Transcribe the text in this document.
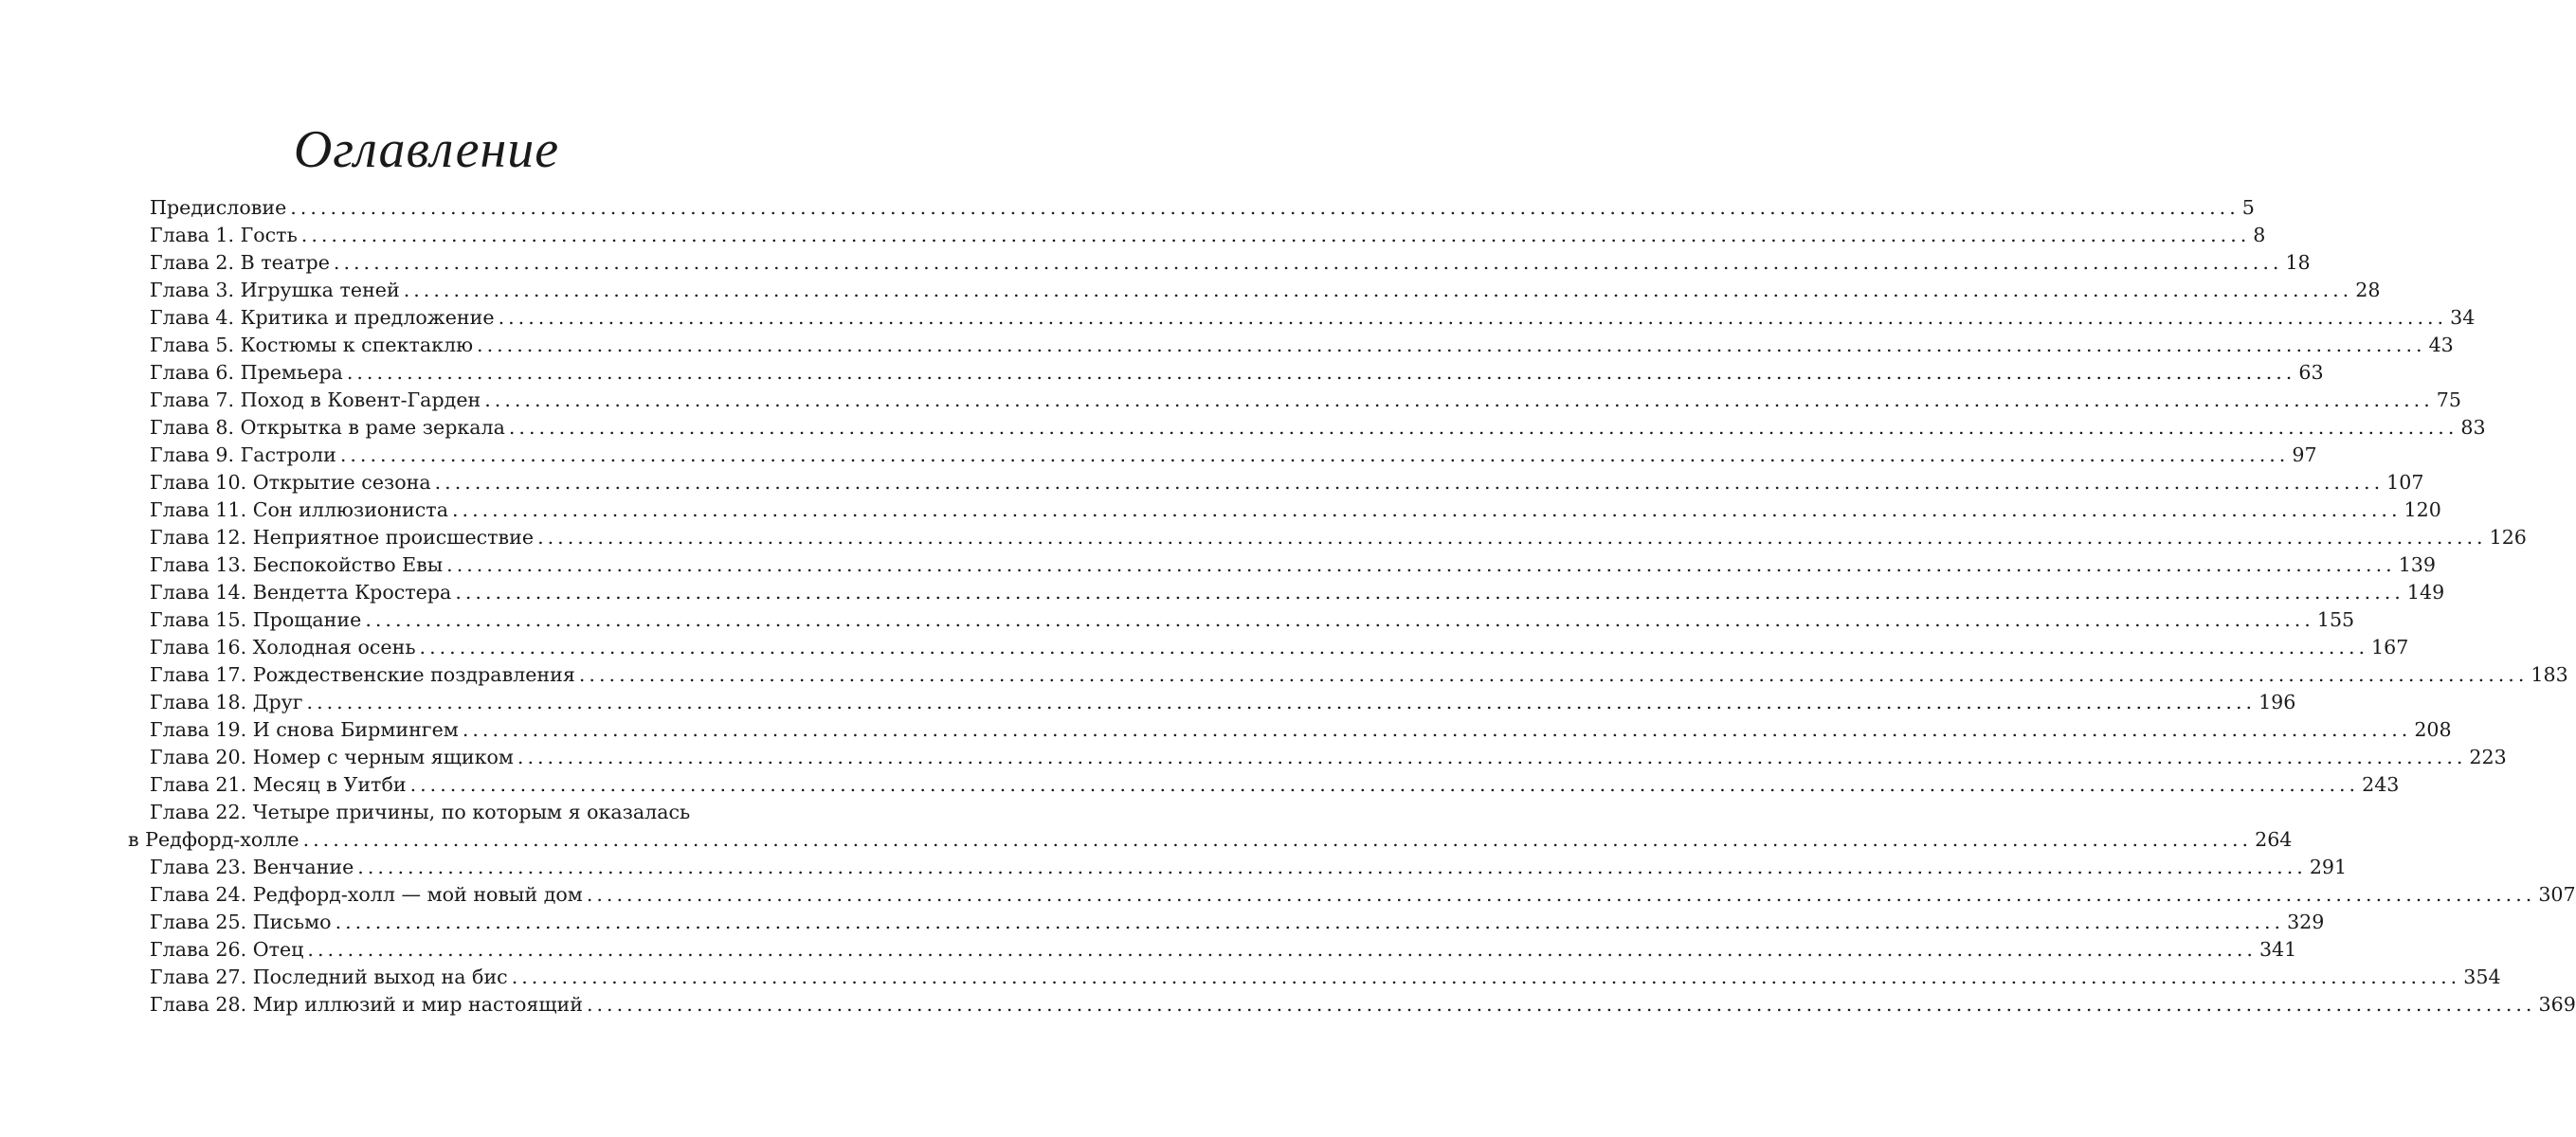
Оглавление
Предисловие ................................................................................................................................................................................................... 5
Глава 1. Гость ................................................................................................................................................................................................... 8
Глава 2. В театре ................................................................................................................................................................................................... 18
Глава 3. Игрушка теней ................................................................................................................................................................................................... 28
Глава 4. Критика и предложение ................................................................................................................................................................................................... 34
Глава 5. Костюмы к спектаклю ................................................................................................................................................................................................... 43
Глава 6. Премьера ................................................................................................................................................................................................... 63
Глава 7. Поход в Ковент-Гарден ................................................................................................................................................................................................... 75
Глава 8. Открытка в раме зеркала ................................................................................................................................................................................................... 83
Глава 9. Гастроли ................................................................................................................................................................................................... 97
Глава 10. Открытие сезона ................................................................................................................................................................................................... 107
Глава 11. Сон иллюзиониста ................................................................................................................................................................................................... 120
Глава 12. Неприятное происшествие ................................................................................................................................................................................................... 126
Глава 13. Беспокойство Евы ................................................................................................................................................................................................... 139
Глава 14. Вендетта Кростера ................................................................................................................................................................................................... 149
Глава 15. Прощание ................................................................................................................................................................................................... 155
Глава 16. Холодная осень ................................................................................................................................................................................................... 167
Глава 17. Рождественские поздравления ................................................................................................................................................................................................... 183
Глава 18. Друг ................................................................................................................................................................................................... 196
Глава 19. И снова Бирмингем ................................................................................................................................................................................................... 208
Глава 20. Номер с черным ящиком ................................................................................................................................................................................................... 223
Глава 21. Месяц в Уитби ................................................................................................................................................................................................... 243
Глава 22. Четыре причины, по которым я оказалась
в Редфорд-холле ................................................................................................................................................................................................... 264
Глава 23. Венчание ................................................................................................................................................................................................... 291
Глава 24. Редфорд-холл — мой новый дом ................................................................................................................................................................................................... 307
Глава 25. Письмо ................................................................................................................................................................................................... 329
Глава 26. Отец ................................................................................................................................................................................................... 341
Глава 27. Последний выход на бис ................................................................................................................................................................................................... 354
Глава 28. Мир иллюзий и мир настоящий ................................................................................................................................................................................................... 369
